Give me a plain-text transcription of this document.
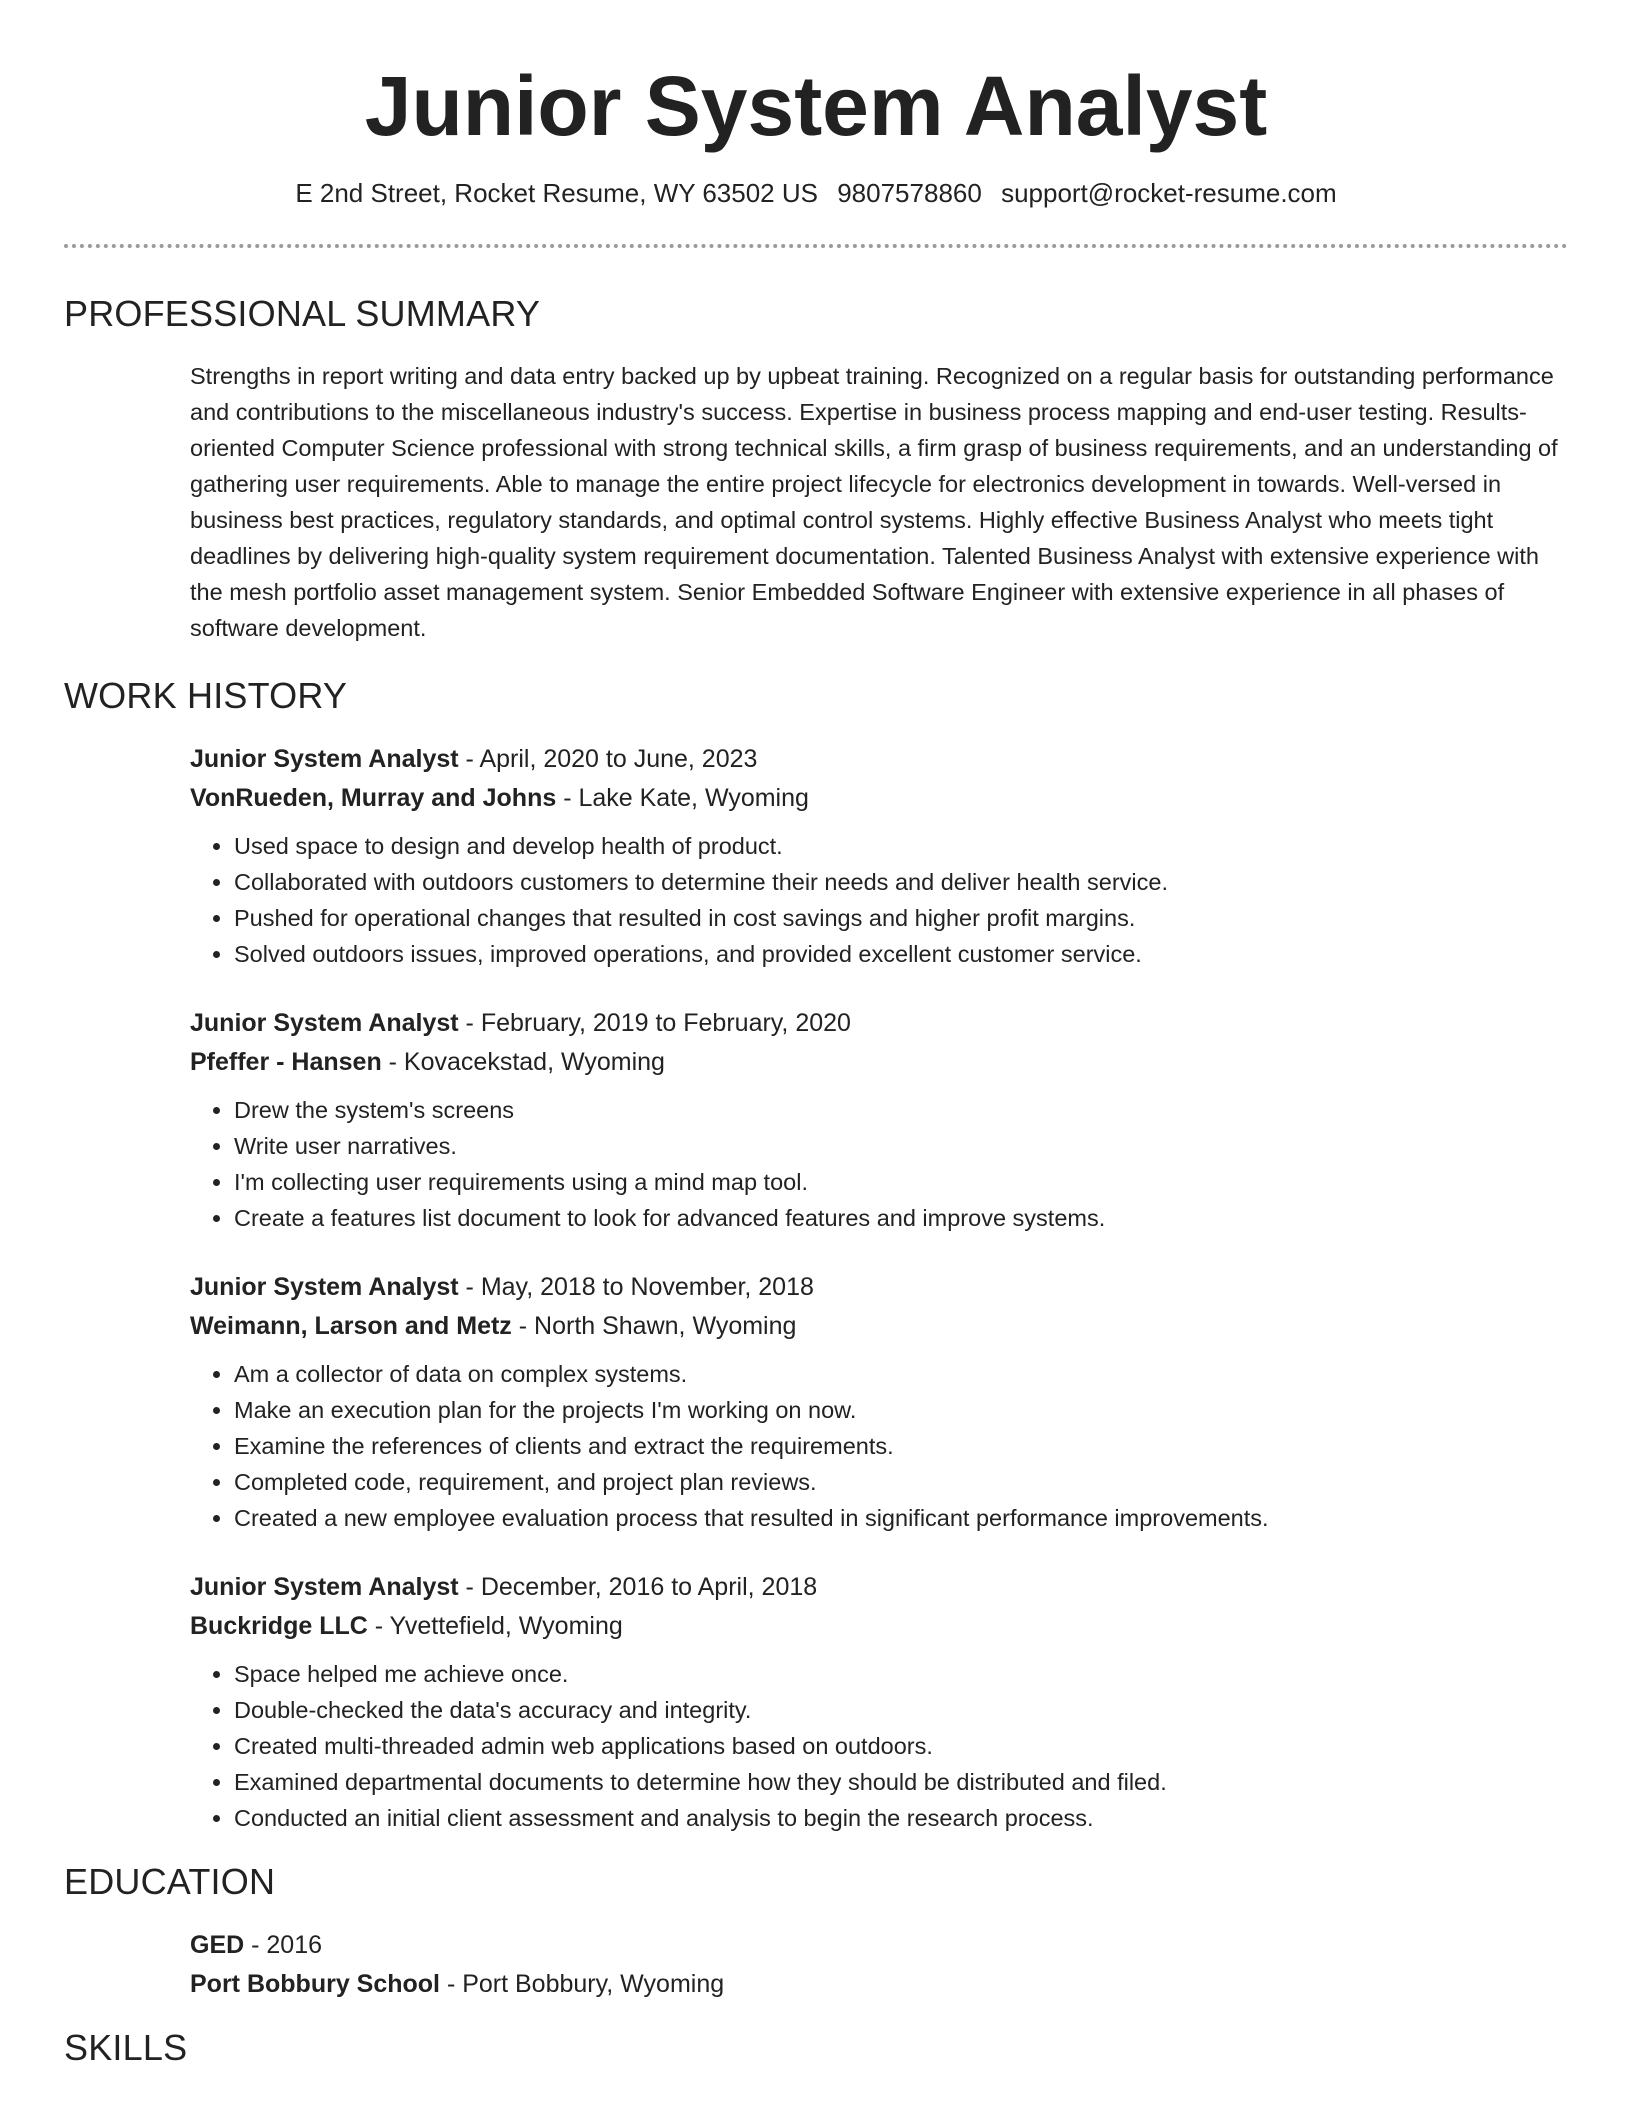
Junior System Analyst
E 2nd Street, Rocket Resume, WY 63502 US 9807578860 support@rocket-resume.com
PROFESSIONAL SUMMARY
Strengths in report writing and data entry backed up by upbeat training. Recognized on a regular basis for outstanding performance and contributions to the miscellaneous industry's success. Expertise in business process mapping and end-user testing. Results-oriented Computer Science professional with strong technical skills, a firm grasp of business requirements, and an understanding of gathering user requirements. Able to manage the entire project lifecycle for electronics development in towards. Well-versed in business best practices, regulatory standards, and optimal control systems. Highly effective Business Analyst who meets tight deadlines by delivering high-quality system requirement documentation. Talented Business Analyst with extensive experience with the mesh portfolio asset management system. Senior Embedded Software Engineer with extensive experience in all phases of software development.
WORK HISTORY
Junior System Analyst - April, 2020 to June, 2023
VonRueden, Murray and Johns - Lake Kate, Wyoming
• Used space to design and develop health of product.
• Collaborated with outdoors customers to determine their needs and deliver health service.
• Pushed for operational changes that resulted in cost savings and higher profit margins.
• Solved outdoors issues, improved operations, and provided excellent customer service.
Junior System Analyst - February, 2019 to February, 2020
Pfeffer - Hansen - Kovacekstad, Wyoming
• Drew the system's screens
• Write user narratives.
• I'm collecting user requirements using a mind map tool.
• Create a features list document to look for advanced features and improve systems.
Junior System Analyst - May, 2018 to November, 2018
Weimann, Larson and Metz - North Shawn, Wyoming
• Am a collector of data on complex systems.
• Make an execution plan for the projects I'm working on now.
• Examine the references of clients and extract the requirements.
• Completed code, requirement, and project plan reviews.
• Created a new employee evaluation process that resulted in significant performance improvements.
Junior System Analyst - December, 2016 to April, 2018
Buckridge LLC - Yvettefield, Wyoming
• Space helped me achieve once.
• Double-checked the data's accuracy and integrity.
• Created multi-threaded admin web applications based on outdoors.
• Examined departmental documents to determine how they should be distributed and filed.
• Conducted an initial client assessment and analysis to begin the research process.
EDUCATION
GED - 2016
Port Bobbury School - Port Bobbury, Wyoming
SKILLS
